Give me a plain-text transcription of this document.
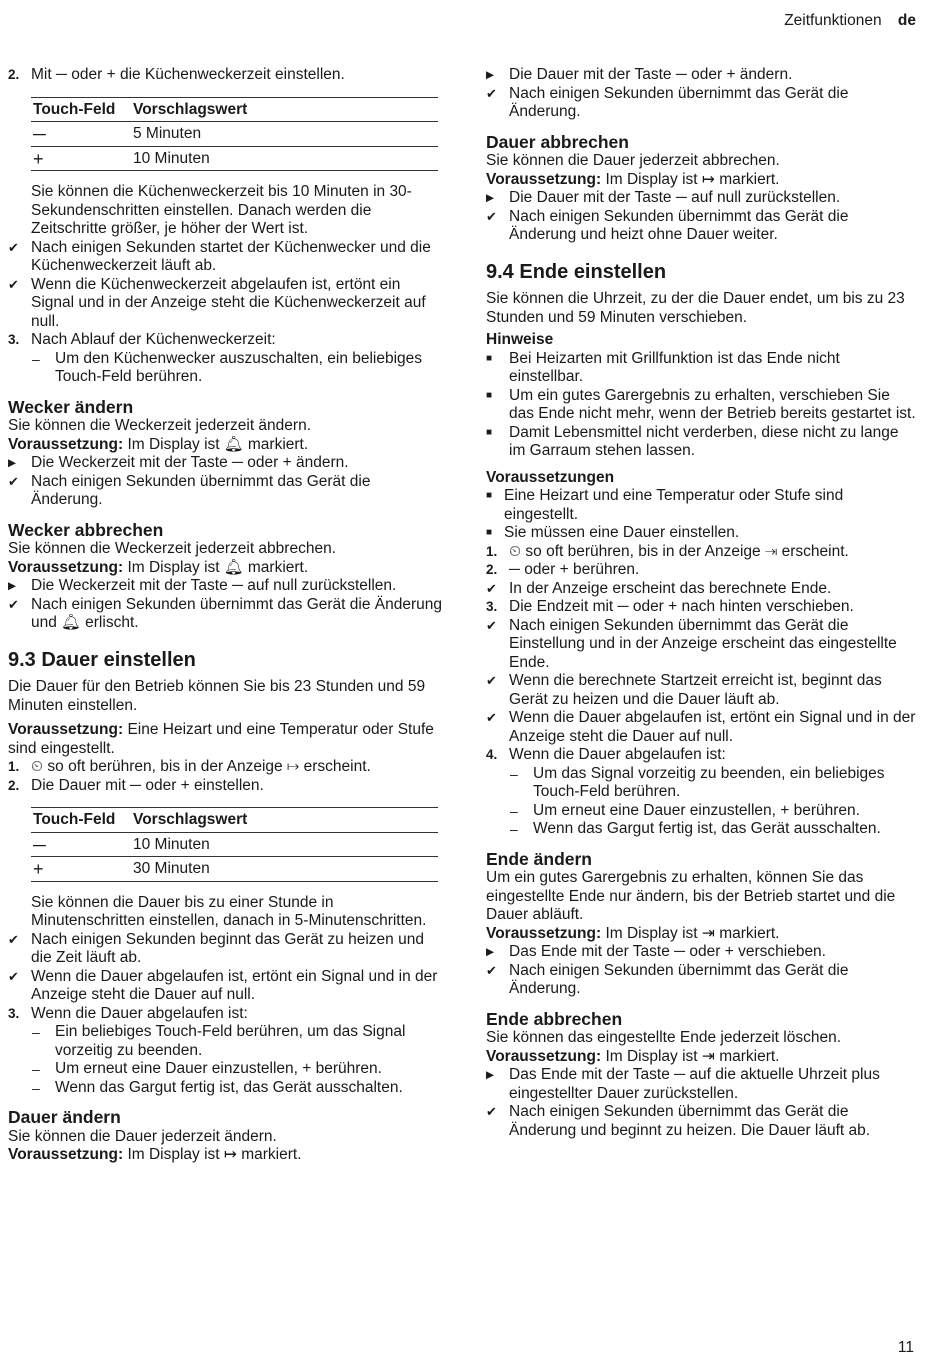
Zeitfunktionen de
2. Mit ─ oder + die Küchenweckerzeit einstellen.
Touch-Feld	Vorschlagswert
─	5 Minuten
+	10 Minuten

Sie können die Küchenweckerzeit bis 10 Minuten in 30-Sekundenschritten einstellen. Danach werden die Zeitschritte größer, je höher der Wert ist.

✔ Nach einigen Sekunden startet der Küchenwecker und die Küchenweckerzeit läuft ab.
✔ Wenn die Küchenweckerzeit abgelaufen ist, ertönt ein Signal und in der Anzeige steht die Küchenweckerzeit auf null.
3. Nach Ablauf der Küchenweckerzeit:
– Um den Küchenwecker auszuschalten, ein beliebiges Touch-Feld berühren.
Wecker ändern

Sie können die Weckerzeit jederzeit ändern.

Voraussetzung: Im Display ist 🔔︎ markiert.

▶ Die Weckerzeit mit der Taste ─ oder + ändern.
✔ Nach einigen Sekunden übernimmt das Gerät die Änderung.
Wecker abbrechen

Sie können die Weckerzeit jederzeit abbrechen.

Voraussetzung: Im Display ist 🔔︎ markiert.

▶ Die Weckerzeit mit der Taste ─ auf null zurückstellen.
✔ Nach einigen Sekunden übernimmt das Gerät die Änderung und 🔔︎ erlischt.
9.3 Dauer einstellen

Die Dauer für den Betrieb können Sie bis 23 Stunden und 59 Minuten einstellen.

Voraussetzung: Eine Heizart und eine Temperatur oder Stufe sind eingestellt.

1. ⏲ so oft berühren, bis in der Anzeige ↦ erscheint.
2. Die Dauer mit ─ oder + einstellen.
Touch-Feld	Vorschlagswert
─	10 Minuten
+	30 Minuten

Sie können die Dauer bis zu einer Stunde in Minutenschritten einstellen, danach in 5-Minutenschritten.

✔ Nach einigen Sekunden beginnt das Gerät zu heizen und die Zeit läuft ab.
✔ Wenn die Dauer abgelaufen ist, ertönt ein Signal und in der Anzeige steht die Dauer auf null.
3. Wenn die Dauer abgelaufen ist:
– Ein beliebiges Touch-Feld berühren, um das Signal vorzeitig zu beenden.
– Um erneut eine Dauer einzustellen, + berühren.
– Wenn das Gargut fertig ist, das Gerät ausschalten.
Dauer ändern

Sie können die Dauer jederzeit ändern.

Voraussetzung: Im Display ist ↦ markiert.

▶ Die Dauer mit der Taste ─ oder + ändern.
✔ Nach einigen Sekunden übernimmt das Gerät die Änderung.
Dauer abbrechen

Sie können die Dauer jederzeit abbrechen.

Voraussetzung: Im Display ist ↦ markiert.

▶ Die Dauer mit der Taste ─ auf null zurückstellen.
✔ Nach einigen Sekunden übernimmt das Gerät die Änderung und heizt ohne Dauer weiter.
9.4 Ende einstellen

Sie können die Uhrzeit, zu der die Dauer endet, um bis zu 23 Stunden und 59 Minuten verschieben.

Hinweise
■ Bei Heizarten mit Grillfunktion ist das Ende nicht einstellbar.
■ Um ein gutes Garergebnis zu erhalten, verschieben Sie das Ende nicht mehr, wenn der Betrieb bereits gestartet ist.
■ Damit Lebensmittel nicht verderben, diese nicht zu lange im Garraum stehen lassen.
Voraussetzungen
■ Eine Heizart und eine Temperatur oder Stufe sind eingestellt.
■ Sie müssen eine Dauer einstellen.
1. ⏲ so oft berühren, bis in der Anzeige ⇥ erscheint.
2. ─ oder + berühren.
✔ In der Anzeige erscheint das berechnete Ende.
3. Die Endzeit mit ─ oder + nach hinten verschieben.
✔ Nach einigen Sekunden übernimmt das Gerät die Einstellung und in der Anzeige erscheint das eingestellte Ende.
✔ Wenn die berechnete Startzeit erreicht ist, beginnt das Gerät zu heizen und die Dauer läuft ab.
✔ Wenn die Dauer abgelaufen ist, ertönt ein Signal und in der Anzeige steht die Dauer auf null.
4. Wenn die Dauer abgelaufen ist:
– Um das Signal vorzeitig zu beenden, ein beliebiges Touch-Feld berühren.
– Um erneut eine Dauer einzustellen, + berühren.
– Wenn das Gargut fertig ist, das Gerät ausschalten.
Ende ändern

Um ein gutes Garergebnis zu erhalten, können Sie das eingestellte Ende nur ändern, bis der Betrieb startet und die Dauer abläuft.

Voraussetzung: Im Display ist ⇥ markiert.

▶ Das Ende mit der Taste ─ oder + verschieben.
✔ Nach einigen Sekunden übernimmt das Gerät die Änderung.
Ende abbrechen

Sie können das eingestellte Ende jederzeit löschen.

Voraussetzung: Im Display ist ⇥ markiert.

▶ Das Ende mit der Taste ─ auf die aktuelle Uhrzeit plus eingestellter Dauer zurückstellen.
✔ Nach einigen Sekunden übernimmt das Gerät die Änderung und beginnt zu heizen. Die Dauer läuft ab.
11
